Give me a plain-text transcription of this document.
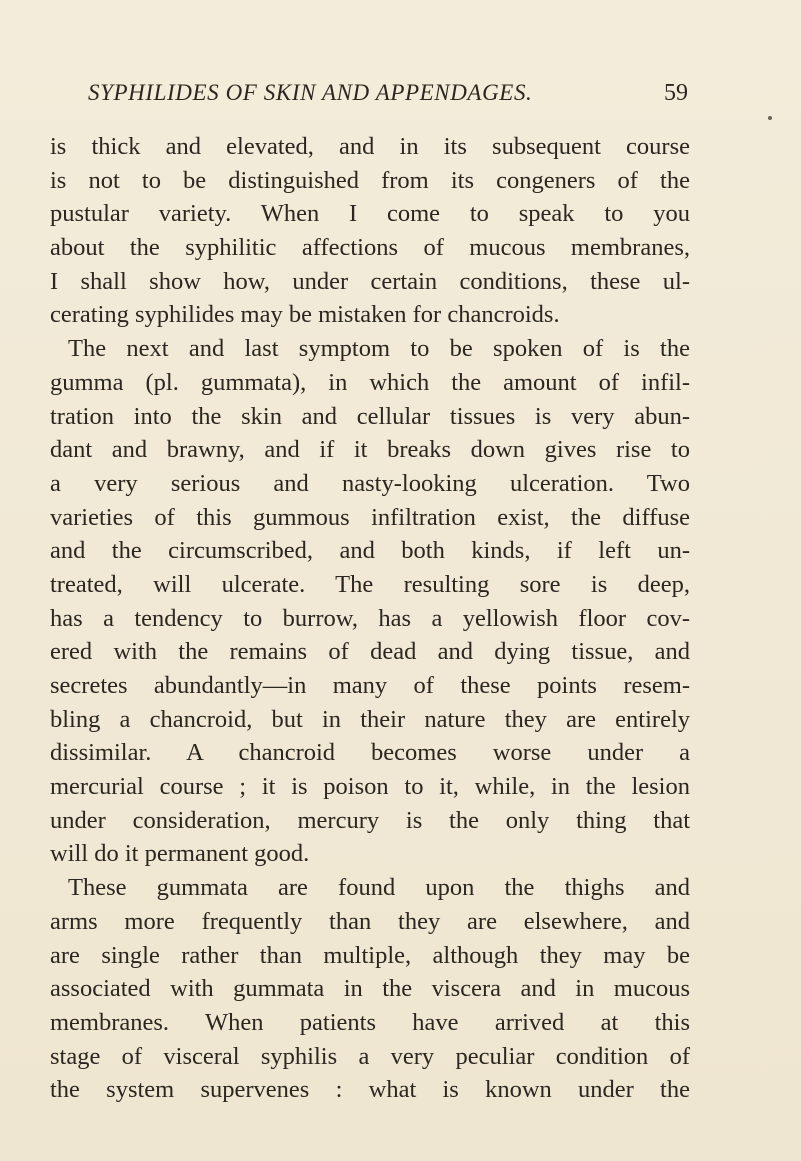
SYPHILIDES OF SKIN AND APPENDAGES.	59
is thick and elevated, and in its subsequent course
is not to be distinguished from its congeners of the
pustular variety. When I come to speak to you
about the syphilitic affections of mucous membranes,
I shall show how, under certain conditions, these ul-
cerating syphilides may be mistaken for chancroids.
The next and last symptom to be spoken of is the
gumma (pl. gummata), in which the amount of infil-
tration into the skin and cellular tissues is very abun-
dant and brawny, and if it breaks down gives rise to
a very serious and nasty-looking ulceration. Two
varieties of this gummous infiltration exist, the diffuse
and the circumscribed, and both kinds, if left un-
treated, will ulcerate. The resulting sore is deep,
has a tendency to burrow, has a yellowish floor cov-
ered with the remains of dead and dying tissue, and
secretes abundantly—in many of these points resem-
bling a chancroid, but in their nature they are entirely
dissimilar. A chancroid becomes worse under a
mercurial course ; it is poison to it, while, in the lesion
under consideration, mercury is the only thing that
will do it permanent good.
These gummata are found upon the thighs and
arms more frequently than they are elsewhere, and
are single rather than multiple, although they may be
associated with gummata in the viscera and in mucous
membranes. When patients have arrived at this
stage of visceral syphilis a very peculiar condition of
the system supervenes : what is known under the
